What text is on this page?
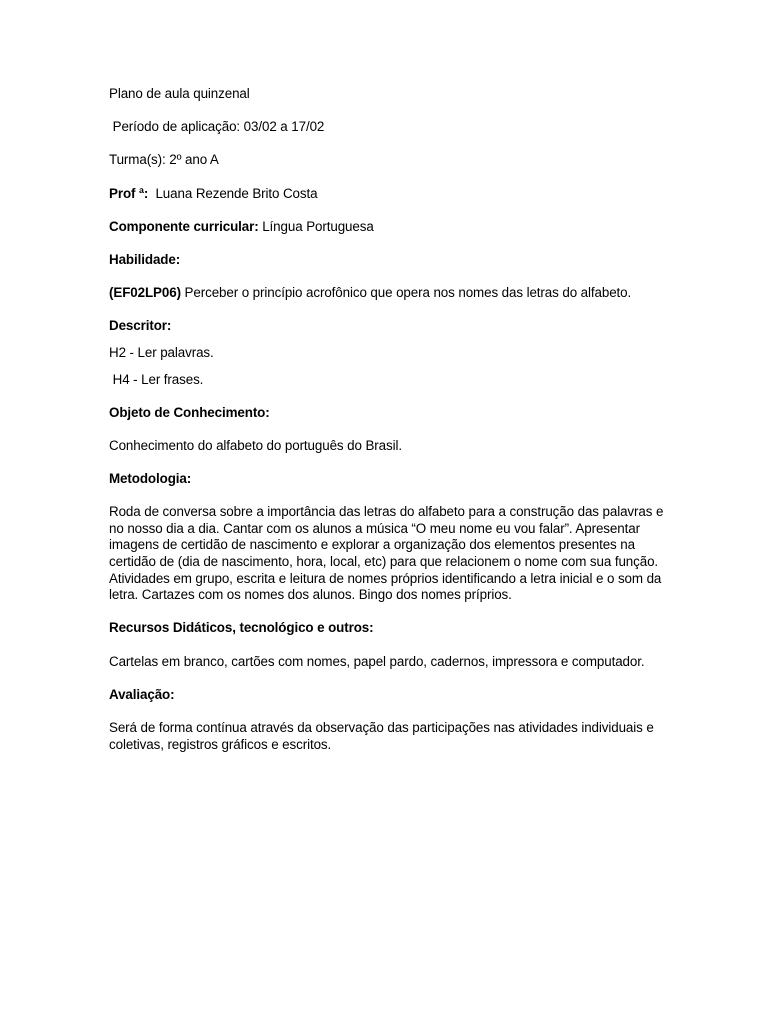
Plano de aula quinzenal

Período de aplicação: 03/02 a 17/02

Turma(s): 2º ano A

Prof ª:  Luana Rezende Brito Costa

Componente curricular: Língua Portuguesa

Habilidade:

(EF02LP06) Perceber o princípio acrofônico que opera nos nomes das letras do alfabeto.

Descritor:

H2 - Ler palavras.

H4 - Ler frases.

Objeto de Conhecimento:

Conhecimento do alfabeto do português do Brasil.

Metodologia:

Roda de conversa sobre a importância das letras do alfabeto para a construção das palavras e no nosso dia a dia. Cantar com os alunos a música “O meu nome eu vou falar”. Apresentar imagens de certidão de nascimento e explorar a organização dos elementos presentes na certidão de (dia de nascimento, hora, local, etc) para que relacionem o nome com sua função. Atividades em grupo, escrita e leitura de nomes próprios identificando a letra inicial e o som da letra. Cartazes com os nomes dos alunos. Bingo dos nomes príprios.

Recursos Didáticos, tecnológico e outros:

Cartelas em branco, cartões com nomes, papel pardo, cadernos, impressora e computador.

Avaliação:

Será de forma contínua através da observação das participações nas atividades individuais e coletivas, registros gráficos e escritos.
